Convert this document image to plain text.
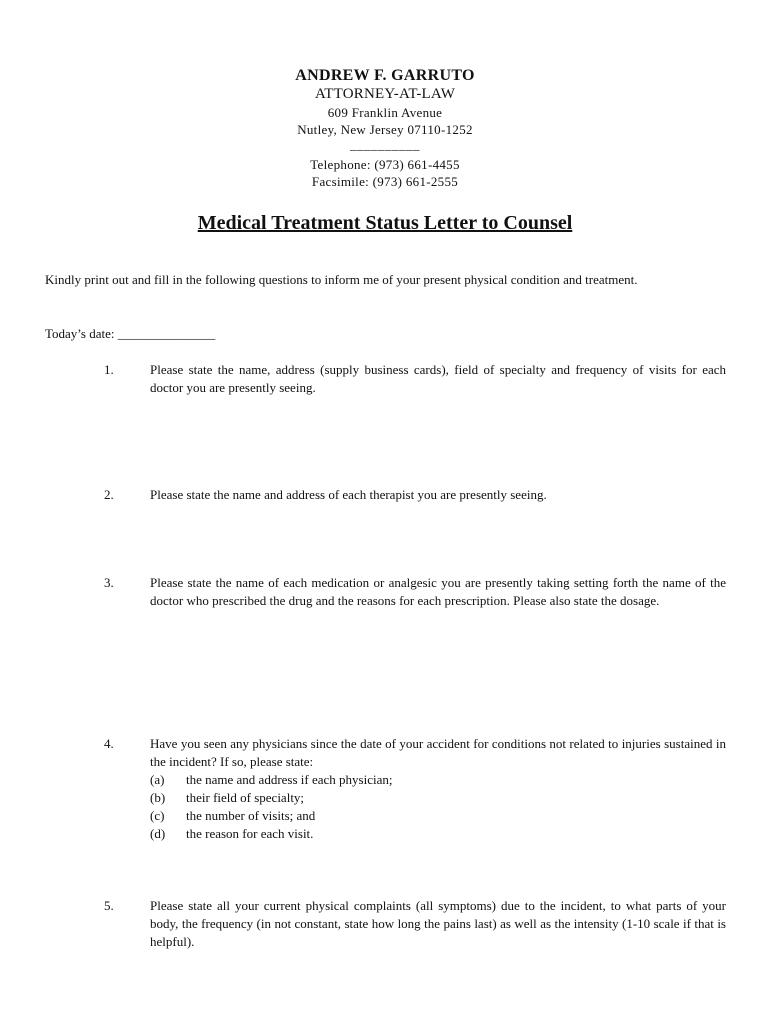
ANDREW F. GARRUTO
ATTORNEY-AT-LAW
609 Franklin Avenue
Nutley, New Jersey 07110-1252
__________
Telephone: (973) 661-4455
Facsimile: (973) 661-2555
Medical Treatment Status Letter to Counsel
Kindly print out and fill in the following questions to inform me of your present physical condition and treatment.
Today’s date: _______________
1.	Please state the name, address (supply business cards), field of specialty and frequency of visits for each doctor you are presently seeing.
2.	Please state the name and address of each therapist you are presently seeing.
3.	Please state the name of each medication or analgesic you are presently taking setting forth the name of the doctor who prescribed the drug and the reasons for each prescription. Please also state the dosage.
4.	Have you seen any physicians since the date of your accident for conditions not related to injuries sustained in the incident? If so, please state:
(a) the name and address if each physician;
(b) their field of specialty;
(c) the number of visits; and
(d) the reason for each visit.
5.	Please state all your current physical complaints (all symptoms) due to the incident, to what parts of your body, the frequency (in not constant, state how long the pains last) as well as the intensity (1-10 scale if that is helpful).
